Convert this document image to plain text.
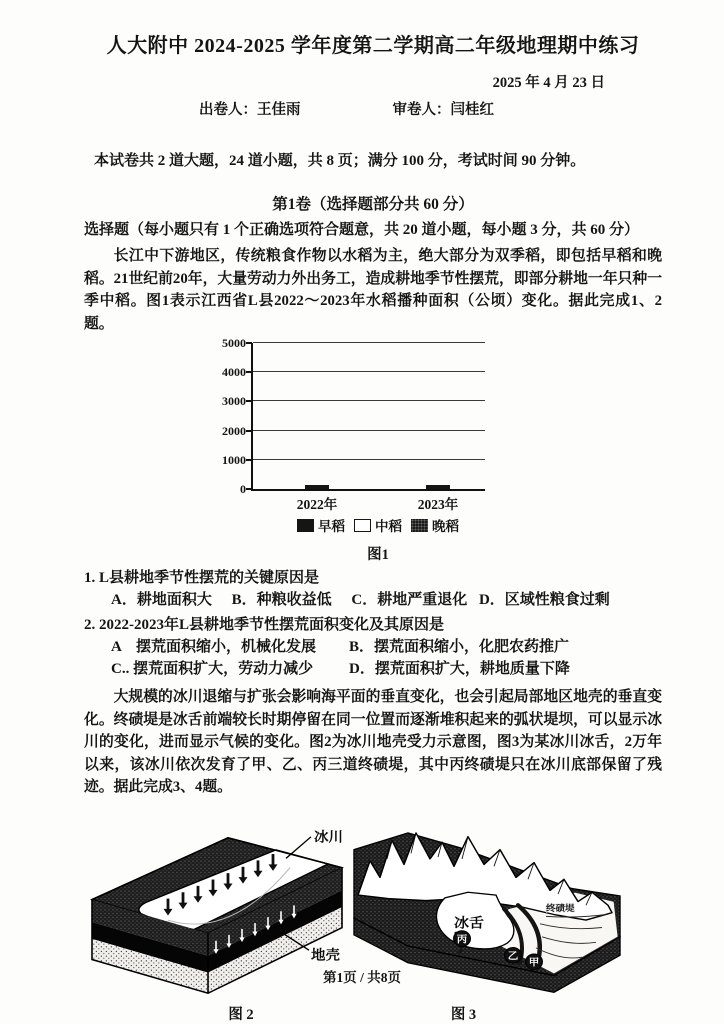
人大附中 2024-2025 学年度第二学期高二年级地理期中练习
2025 年 4 月 23 日
出卷人：王佳雨	审卷人：闫桂红
本试卷共 2 道大题，24 道小题，共 8 页；满分 100 分，考试时间 90 分钟。
第1卷（选择题部分共 60 分）
选择题（每小题只有 1 个正确选项符合题意，共 20 道小题，每小题 3 分，共 60 分）

长江中下游地区，传统粮食作物以水稻为主，绝大部分为双季稻，即包括早稻和晚稻。21世纪前20年，大量劳动力外出务工，造成耕地季节性摆荒，即部分耕地一年只种一季中稻。图1表示江西省L县2022～2023年水稻播种面积（公顷）变化。据此完成1、2题。

0
1000
2000
3000
4000
5000
2022年	2023年
早稻 中稻 晚稻
图1

1. L县耕地季节性摆荒的关键原因是

A．耕地面积大 B．种粮收益低 C．耕地严重退化 D．区域性粮食过剩

2. 2022-2023年L县耕地季节性摆荒面积变化及其原因是

A　摆荒面积缩小，机械化发展	B．摆荒面积缩小，化肥农药推广
C.. 摆荒面积扩大，劳动力减少	D．摆荒面积扩大，耕地质量下降

大规模的冰川退缩与扩张会影响海平面的垂直变化，也会引起局部地区地壳的垂直变化。终碛堤是冰舌前端较长时期停留在同一位置而逐渐堆积起来的弧状堤坝，可以显示冰川的变化，进而显示气候的变化。图2为冰川地壳受力示意图，图3为某冰川冰舌，2万年以来，该冰川依次发育了甲、乙、丙三道终碛堤，其中丙终碛堤只在冰川底部保留了残迹。据此完成3、4题。

冰川
地壳
图 2
丙
乙
甲
冰舌
终碛堤
图 3
第1页 / 共8页
